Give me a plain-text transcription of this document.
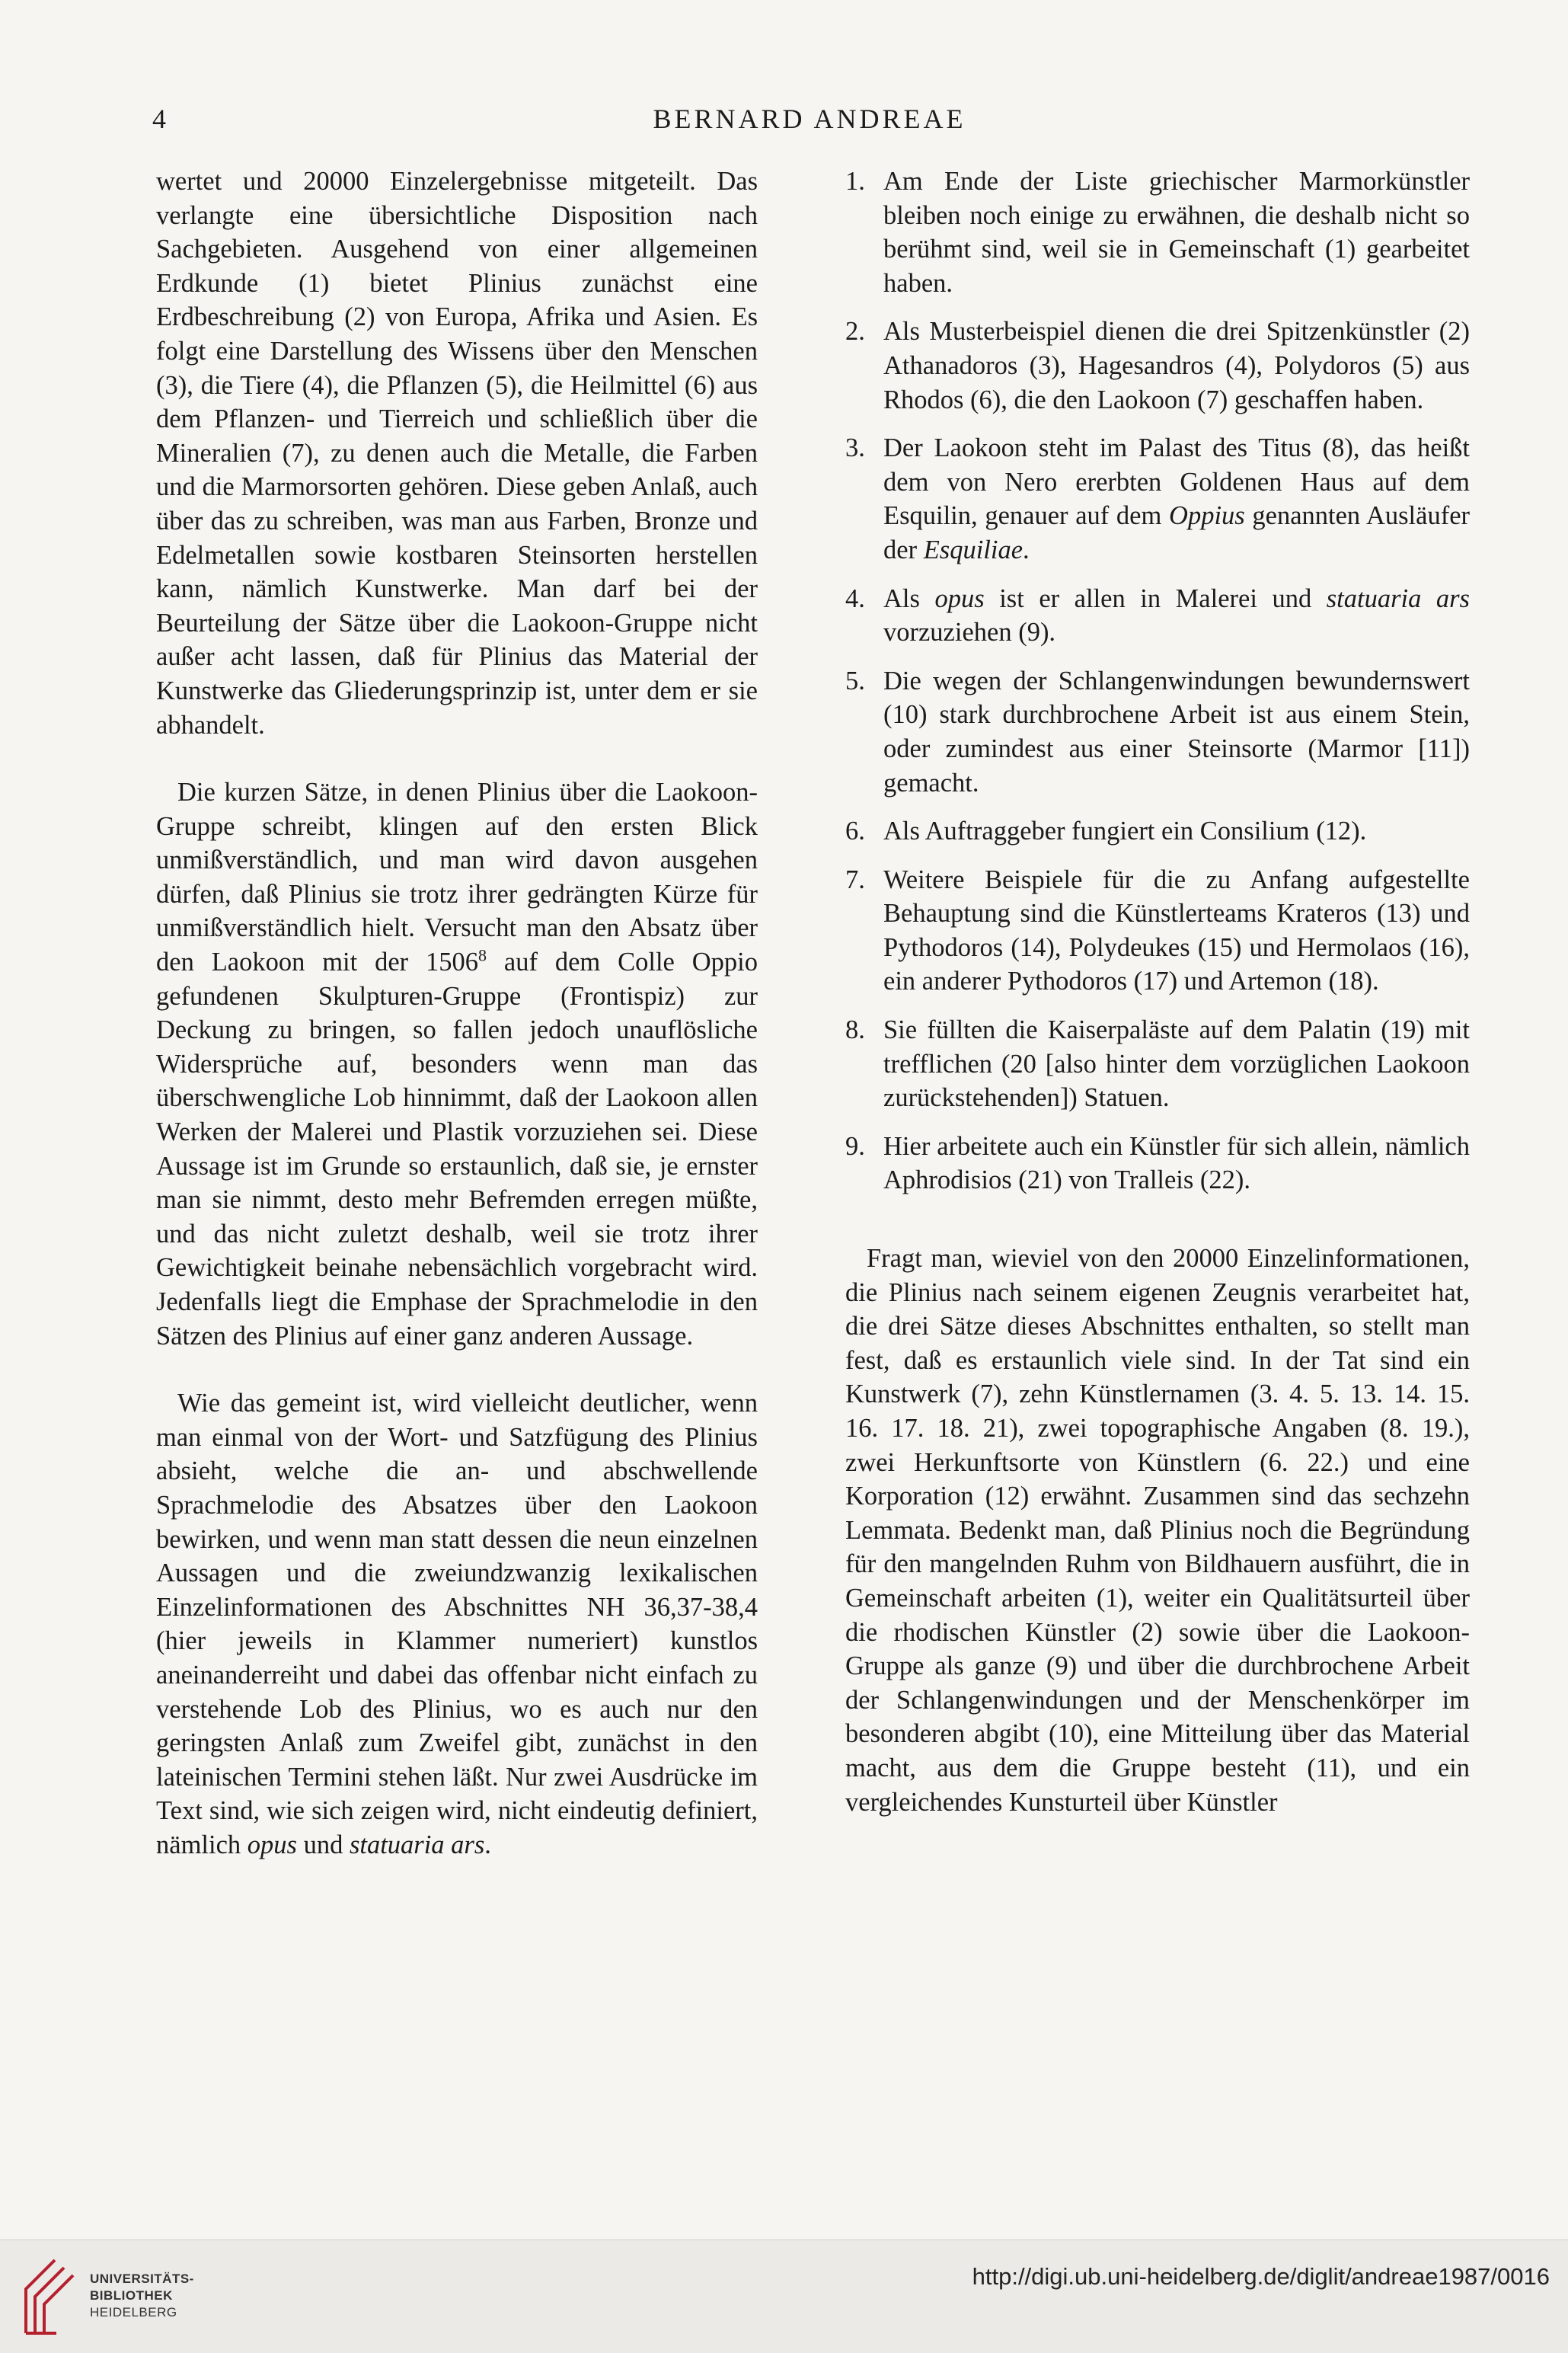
4	BERNARD ANDREAE

wertet und 20000 Einzelergebnisse mitgeteilt. Das verlangte eine übersichtliche Disposition nach Sachgebieten. Ausgehend von einer allgemeinen Erdkunde (1) bietet Plinius zunächst eine Erdbeschreibung (2) von Europa, Afrika und Asien. Es folgt eine Darstellung des Wissens über den Menschen (3), die Tiere (4), die Pflanzen (5), die Heilmittel (6) aus dem Pflanzen- und Tierreich und schließlich über die Mineralien (7), zu denen auch die Metalle, die Farben und die Marmorsorten gehören. Diese geben Anlaß, auch über das zu schreiben, was man aus Farben, Bronze und Edelmetallen sowie kostbaren Steinsorten herstellen kann, nämlich Kunstwerke. Man darf bei der Beurteilung der Sätze über die Laokoon-Gruppe nicht außer acht lassen, daß für Plinius das Material der Kunstwerke das Gliederungsprinzip ist, unter dem er sie abhandelt.

Die kurzen Sätze, in denen Plinius über die Laokoon-Gruppe schreibt, klingen auf den ersten Blick unmißverständlich, und man wird davon ausgehen dürfen, daß Plinius sie trotz ihrer gedrängten Kürze für unmißverständlich hielt. Versucht man den Absatz über den Laokoon mit der 1506$^8$ auf dem Colle Oppio gefundenen Skulpturen-Gruppe (Frontispiz) zur Deckung zu bringen, so fallen jedoch unauflösliche Widersprüche auf, besonders wenn man das überschwengliche Lob hinnimmt, daß der Laokoon allen Werken der Malerei und Plastik vorzuziehen sei. Diese Aussage ist im Grunde so erstaunlich, daß sie, je ernster man sie nimmt, desto mehr Befremden erregen müßte, und das nicht zuletzt deshalb, weil sie trotz ihrer Gewichtigkeit beinahe nebensächlich vorgebracht wird. Jedenfalls liegt die Emphase der Sprachmelodie in den Sätzen des Plinius auf einer ganz anderen Aussage.

Wie das gemeint ist, wird vielleicht deutlicher, wenn man einmal von der Wort- und Satzfügung des Plinius absieht, welche die an- und abschwellende Sprachmelodie des Absatzes über den Laokoon bewirken, und wenn man statt dessen die neun einzelnen Aussagen und die zweiundzwanzig lexikalischen Einzelinformationen des Abschnittes NH 36,37-38,4 (hier jeweils in Klammer numeriert) kunstlos aneinanderreiht und dabei das offenbar nicht einfach zu verstehende Lob des Plinius, wo es auch nur den geringsten Anlaß zum Zweifel gibt, zunächst in den lateinischen Termini stehen läßt. Nur zwei Ausdrücke im Text sind, wie sich zeigen wird, nicht eindeutig definiert, nämlich opus und statuaria ars.

1. Am Ende der Liste griechischer Marmorkünstler bleiben noch einige zu erwähnen, die deshalb nicht so berühmt sind, weil sie in Gemeinschaft (1) gearbeitet haben.
2. Als Musterbeispiel dienen die drei Spitzenkünstler (2) Athanadoros (3), Hagesandros (4), Polydoros (5) aus Rhodos (6), die den Laokoon (7) geschaffen haben.
3. Der Laokoon steht im Palast des Titus (8), das heißt dem von Nero ererbten Goldenen Haus auf dem Esquilin, genauer auf dem Oppius genannten Ausläufer der Esquiliae.
4. Als opus ist er allen in Malerei und statuaria ars vorzuziehen (9).
5. Die wegen der Schlangenwindungen bewundernswert (10) stark durchbrochene Arbeit ist aus einem Stein, oder zumindest aus einer Steinsorte (Marmor [11]) gemacht.
6. Als Auftraggeber fungiert ein Consilium (12).
7. Weitere Beispiele für die zu Anfang aufgestellte Behauptung sind die Künstlerteams Krateros (13) und Pythodoros (14), Polydeukes (15) und Hermolaos (16), ein anderer Pythodoros (17) und Artemon (18).
8. Sie füllten die Kaiserpaläste auf dem Palatin (19) mit trefflichen (20 [also hinter dem vorzüglichen Laokoon zurückstehenden]) Statuen.
9. Hier arbeitete auch ein Künstler für sich allein, nämlich Aphrodisios (21) von Tralleis (22).

Fragt man, wieviel von den 20000 Einzelinformationen, die Plinius nach seinem eigenen Zeugnis verarbeitet hat, die drei Sätze dieses Abschnittes enthalten, so stellt man fest, daß es erstaunlich viele sind. In der Tat sind ein Kunstwerk (7), zehn Künstlernamen (3. 4. 5. 13. 14. 15. 16. 17. 18. 21), zwei topographische Angaben (8. 19.), zwei Herkunftsorte von Künstlern (6. 22.) und eine Korporation (12) erwähnt. Zusammen sind das sechzehn Lemmata. Bedenkt man, daß Plinius noch die Begründung für den mangelnden Ruhm von Bildhauern ausführt, die in Gemeinschaft arbeiten (1), weiter ein Qualitätsurteil über die rhodischen Künstler (2) sowie über die Laokoon-Gruppe als ganze (9) und über die durchbrochene Arbeit der Schlangenwindungen und der Menschenkörper im besonderen abgibt (10), eine Mitteilung über das Material macht, aus dem die Gruppe besteht (11), und ein vergleichendes Kunsturteil über Künstler

UNIVERSITÄTS-
BIBLIOTHEK
HEIDELBERG
http://digi.ub.uni-heidelberg.de/diglit/andreae1987/0016
